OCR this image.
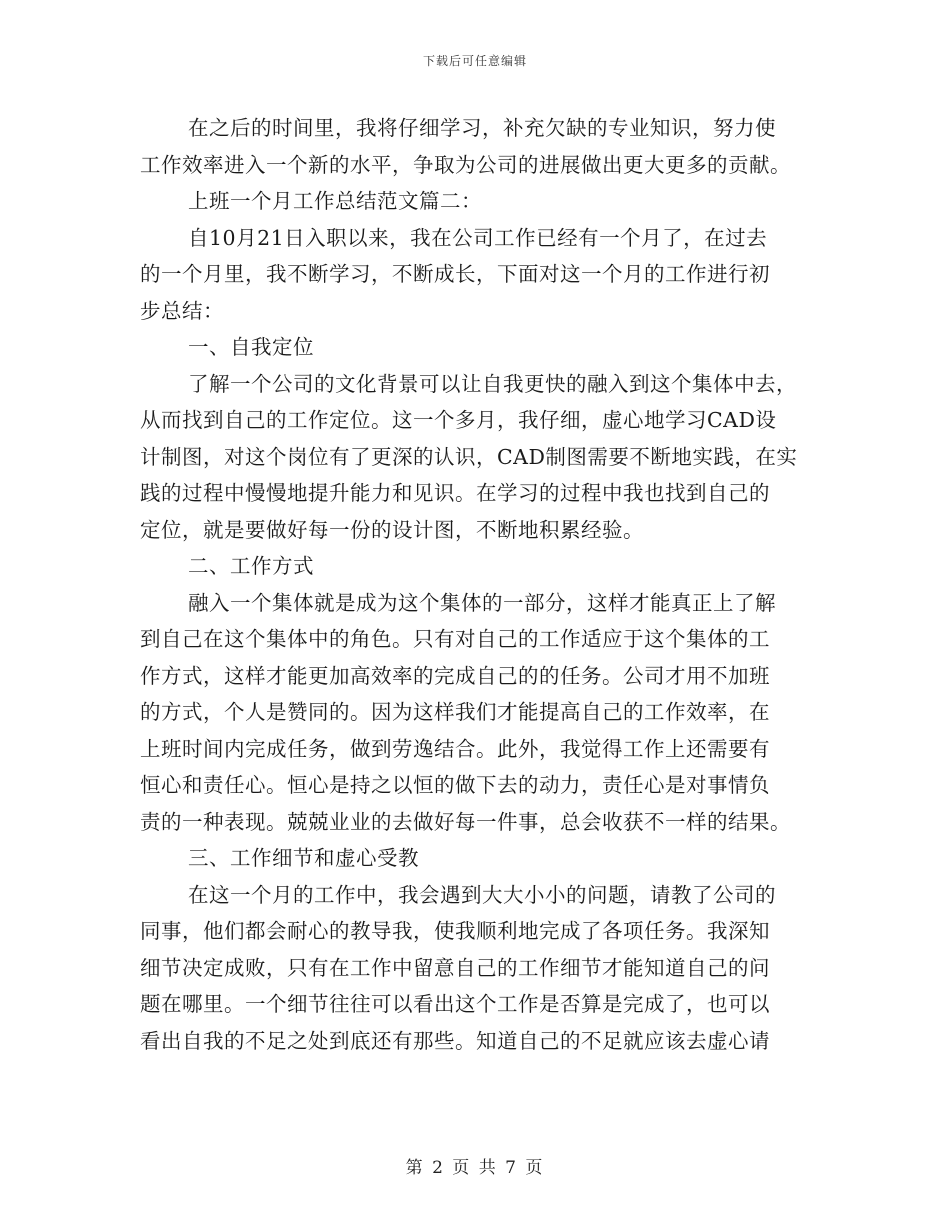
下载后可任意编辑
在之后的时间里，我将仔细学习，补充欠缺的专业知识，努力使
工作效率进入一个新的水平，争取为公司的进展做出更大更多的贡献。
上班一个月工作总结范文篇二：
自10月21日入职以来，我在公司工作已经有一个月了，在过去
的一个月里，我不断学习，不断成长，下面对这一个月的工作进行初
步总结：
一、自我定位
了解一个公司的文化背景可以让自我更快的融入到这个集体中去，
从而找到自己的工作定位。这一个多月，我仔细，虚心地学习CAD设
计制图，对这个岗位有了更深的认识，CAD制图需要不断地实践，在实
践的过程中慢慢地提升能力和见识。在学习的过程中我也找到自己的
定位，就是要做好每一份的设计图，不断地积累经验。
二、工作方式
融入一个集体就是成为这个集体的一部分，这样才能真正上了解
到自己在这个集体中的角色。只有对自己的工作适应于这个集体的工
作方式，这样才能更加高效率的完成自己的的任务。公司才用不加班
的方式，个人是赞同的。因为这样我们才能提高自己的工作效率，在
上班时间内完成任务，做到劳逸结合。此外，我觉得工作上还需要有
恒心和责任心。恒心是持之以恒的做下去的动力，责任心是对事情负
责的一种表现。兢兢业业的去做好每一件事，总会收获不一样的结果。
三、工作细节和虚心受教
在这一个月的工作中，我会遇到大大小小的问题，请教了公司的
同事，他们都会耐心的教导我，使我顺利地完成了各项任务。我深知
细节决定成败，只有在工作中留意自己的工作细节才能知道自己的问
题在哪里。一个细节往往可以看出这个工作是否算是完成了，也可以
看出自我的不足之处到底还有那些。知道自己的不足就应该去虚心请
第 2 页 共 7 页
